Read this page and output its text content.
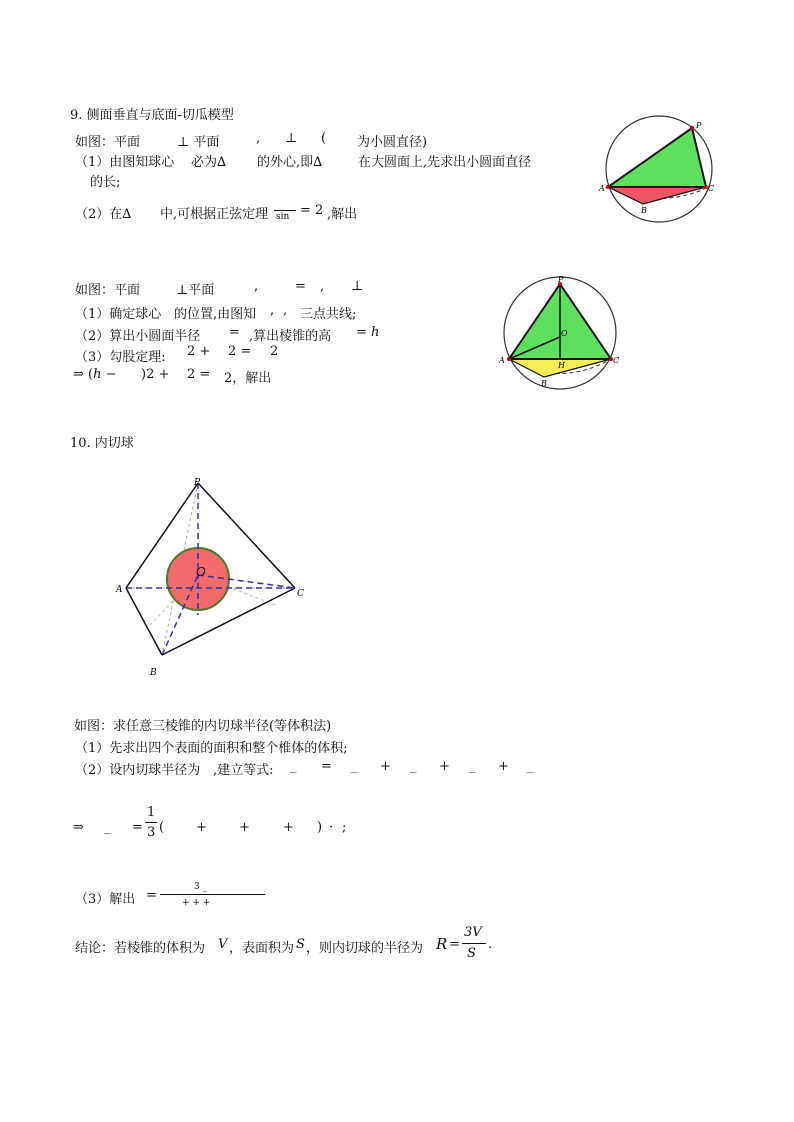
9. 侧面垂直与底面-切瓜模型
如图：平面	⊥ 平面	, ⊥ ( 为小圆直径)
（1）由图知球心 必为∆ 的外心,即∆	在大圆面上,先求出小圆面直径
的长;
（2）在∆ 中,可根据正弦定理 sin = 2 ,解出
P
A
B
C
如图：平面	⊥平面	,	= , ⊥
（1）确定球心 的位置,由图知 , , 三点共线;
（2）算出小圆面半径 = ,算出棱锥的高 = ℎ
（3）勾股定理: 2 + 2 = 2
⇒ (ℎ − )2 + 2 = 2，解出
P
O
A
H
C
B
10. 内切球
P
O
A	C
B
如图：求任意三棱锥的内切球半径(等体积法)
（1）先求出四个表面的面积和整个椎体的体积;
（2）设内切球半径为 ,建立等式: _ = _ + _ + _ + _
⇒ _ =
1
3 ( + +	+ ) · ;
（3）解出 =
3 _
+ + +
结论：若棱锥的体积为 V ，表面积为 S ，则内切球的半径为 R =
3V
S
.
